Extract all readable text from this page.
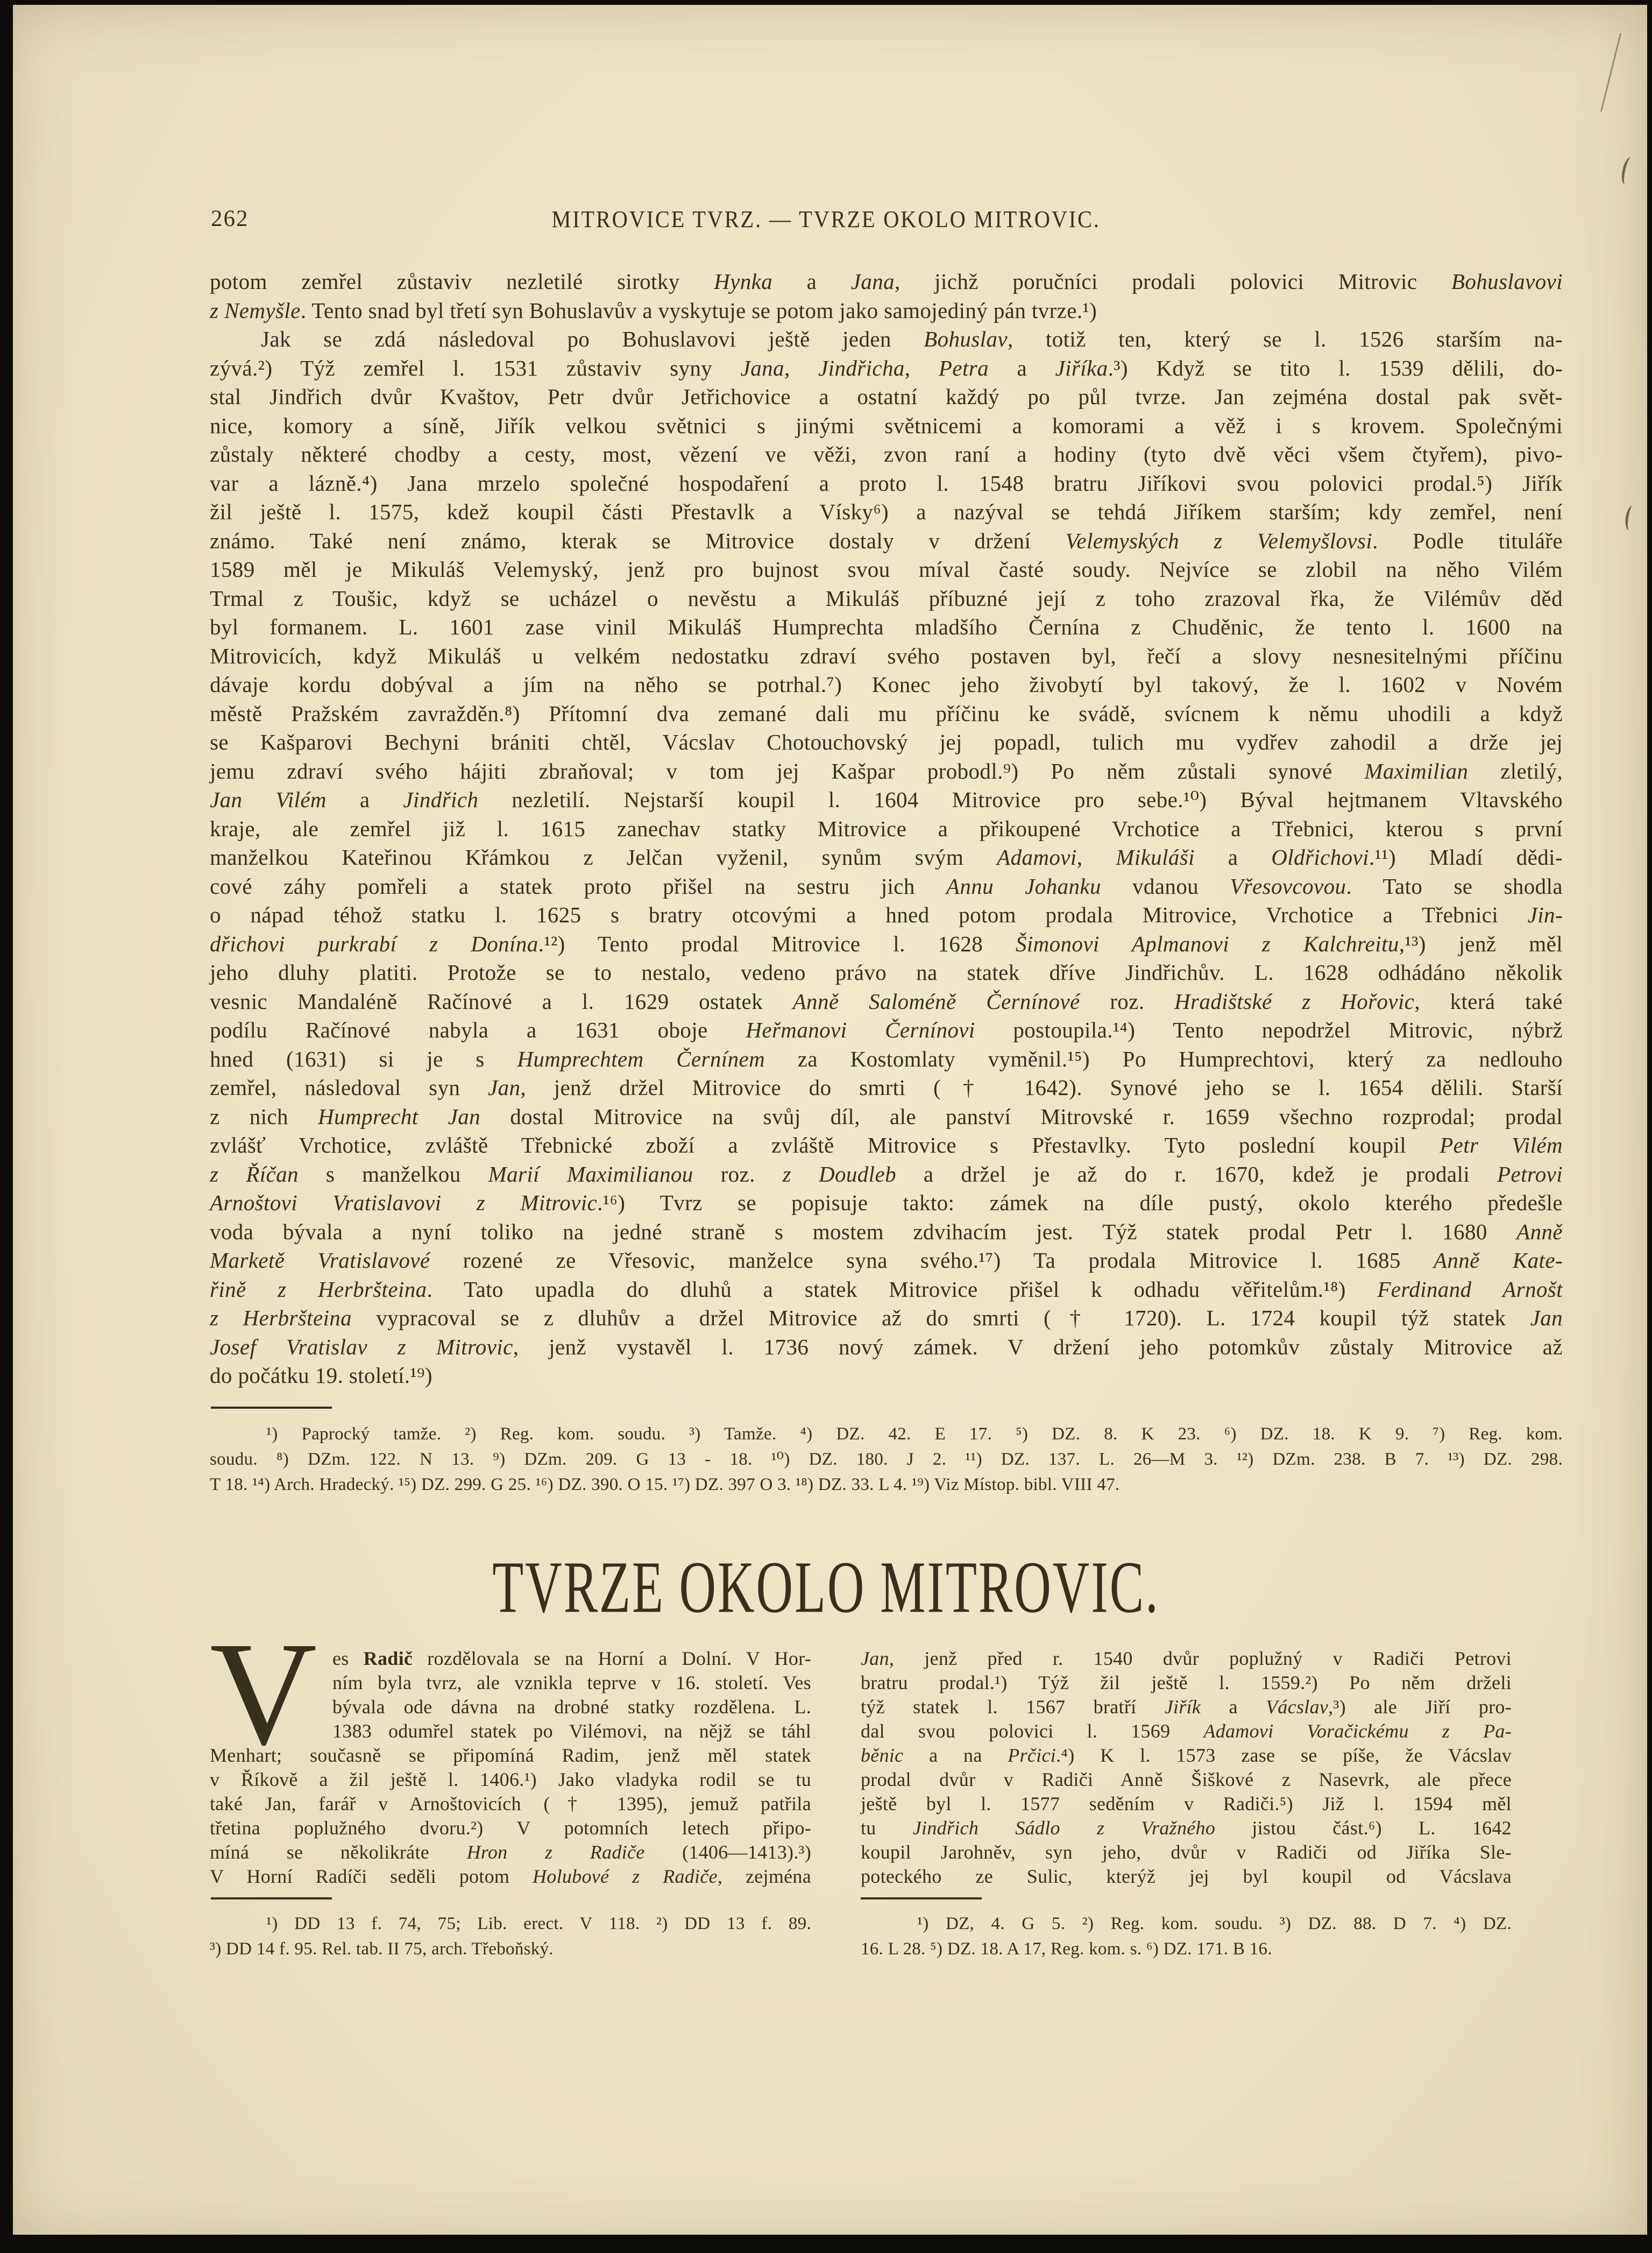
262	MITROVICE TVRZ. — TVRZE OKOLO MITROVIC.
potom zemřel zůstaviv nezletilé sirotky Hynka a Jana, jichž poručníci prodali polovici Mitrovic Bohuslavovi
z Nemyšle. Tento snad byl třetí syn Bohuslavův a vyskytuje se potom jako samojediný pán tvrze.¹)
Jak se zdá následoval po Bohuslavovi ještě jeden Bohuslav, totiž ten, který se l. 1526 starším na-
zývá.²) Týž zemřel l. 1531 zůstaviv syny Jana, Jindřicha, Petra a Jiříka.³) Když se tito l. 1539 dělili, do-
stal Jindřich dvůr Kvaštov, Petr dvůr Jetřichovice a ostatní každý po půl tvrze. Jan zejména dostal pak svět-
nice, komory a síně, Jiřík velkou světnici s jinými světnicemi a komorami a věž i s krovem. Společnými
zůstaly některé chodby a cesty, most, vězení ve věži, zvon raní a hodiny (tyto dvě věci všem čtyřem), pivo-
var a lázně.⁴) Jana mrzelo společné hospodaření a proto l. 1548 bratru Jiříkovi svou polovici prodal.⁵) Jiřík
žil ještě l. 1575, kdež koupil části Přestavlk a Vísky⁶) a nazýval se tehdá Jiříkem starším; kdy zemřel, není
známo. Také není známo, kterak se Mitrovice dostaly v držení Velemyských z Velemyšlovsi. Podle tituláře
1589 měl je Mikuláš Velemyský, jenž pro bujnost svou míval časté soudy. Nejvíce se zlobil na něho Vilém
Trmal z Toušic, když se ucházel o nevěstu a Mikuláš příbuzné její z toho zrazoval řka, že Vilémův děd
byl formanem. L. 1601 zase vinil Mikuláš Humprechta mladšího Černína z Chuděnic, že tento l. 1600 na
Mitrovicích, když Mikuláš u velkém nedostatku zdraví svého postaven byl, řečí a slovy nesnesitelnými příčinu
dávaje kordu dobýval a jím na něho se potrhal.⁷) Konec jeho živobytí byl takový, že l. 1602 v Novém
městě Pražském zavražděn.⁸) Přítomní dva zemané dali mu příčinu ke svádě, svícnem k němu uhodili a když
se Kašparovi Bechyni brániti chtěl, Vácslav Chotouchovský jej popadl, tulich mu vydřev zahodil a drže jej
jemu zdraví svého hájiti zbraňoval; v tom jej Kašpar probodl.⁹) Po něm zůstali synové Maximilian zletilý,
Jan Vilém a Jindřich nezletilí. Nejstarší koupil l. 1604 Mitrovice pro sebe.¹⁰) Býval hejtmanem Vltavského
kraje, ale zemřel již l. 1615 zanechav statky Mitrovice a přikoupené Vrchotice a Třebnici, kterou s první
manželkou Kateřinou Křámkou z Jelčan vyženil, synům svým Adamovi, Mikuláši a Oldřichovi.¹¹) Mladí dědi-
cové záhy pomřeli a statek proto přišel na sestru jich Annu Johanku vdanou Vřesovcovou. Tato se shodla
o nápad téhož statku l. 1625 s bratry otcovými a hned potom prodala Mitrovice, Vrchotice a Třebnici Jin-
dřichovi purkrabí z Donína.¹²) Tento prodal Mitrovice l. 1628 Šimonovi Aplmanovi z Kalchreitu,¹³) jenž měl
jeho dluhy platiti. Protože se to nestalo, vedeno právo na statek dříve Jindřichův. L. 1628 odhádáno několik
vesnic Mandaléně Račínové a l. 1629 ostatek Anně Saloméně Černínové roz. Hradištské z Hořovic, která také
podílu Račínové nabyla a 1631 oboje Heřmanovi Černínovi postoupila.¹⁴) Tento nepodržel Mitrovic, nýbrž
hned (1631) si je s Humprechtem Černínem za Kostomlaty vyměnil.¹⁵) Po Humprechtovi, který za nedlouho
zemřel, následoval syn Jan, jenž držel Mitrovice do smrti († 1642). Synové jeho se l. 1654 dělili. Starší
z nich Humprecht Jan dostal Mitrovice na svůj díl, ale panství Mitrovské r. 1659 všechno rozprodal; prodal
zvlášť Vrchotice, zvláště Třebnické zboží a zvláště Mitrovice s Přestavlky. Tyto poslední koupil Petr Vilém
z Říčan s manželkou Marií Maximilianou roz. z Doudleb a držel je až do r. 1670, kdež je prodali Petrovi
Arnoštovi Vratislavovi z Mitrovic.¹⁶) Tvrz se popisuje takto: zámek na díle pustý, okolo kterého předešle
voda bývala a nyní toliko na jedné straně s mostem zdvihacím jest. Týž statek prodal Petr l. 1680 Anně
Marketě Vratislavové rozené ze Vřesovic, manželce syna svého.¹⁷) Ta prodala Mitrovice l. 1685 Anně Kate-
řině z Herbršteina. Tato upadla do dluhů a statek Mitrovice přišel k odhadu věřitelům.¹⁸) Ferdinand Arnošt
z Herbršteina vypracoval se z dluhův a držel Mitrovice až do smrti († 1720). L. 1724 koupil týž statek Jan
Josef Vratislav z Mitrovic, jenž vystavěl l. 1736 nový zámek. V držení jeho potomkův zůstaly Mitrovice až
do počátku 19. století.¹⁹)
¹) Paprocký tamže. ²) Reg. kom. soudu. ³) Tamže. ⁴) DZ. 42. E 17. ⁵) DZ. 8. K 23. ⁶) DZ. 18. K 9. ⁷) Reg. kom.
soudu. ⁸) DZm. 122. N 13. ⁹) DZm. 209. G 13 - 18. ¹⁰) DZ. 180. J 2. ¹¹) DZ. 137. L. 26—M 3. ¹²) DZm. 238. B 7. ¹³) DZ. 298.
T 18. ¹⁴) Arch. Hradecký. ¹⁵) DZ. 299. G 25. ¹⁶) DZ. 390. O 15. ¹⁷) DZ. 397 O 3. ¹⁸) DZ. 33. L 4. ¹⁹) Viz Místop. bibl. VIII 47.
TVRZE OKOLO MITROVIC.
V es Radič rozdělovala se na Horní a Dolní. V Hor-
ním byla tvrz, ale vznikla teprve v 16. století. Ves
bývala ode dávna na drobné statky rozdělena. L.
1383 odumřel statek po Vilémovi, na nějž se táhl
Menhart; současně se připomíná Radim, jenž měl statek
v Říkově a žil ještě l. 1406.¹) Jako vladyka rodil se tu
také Jan, farář v Arnoštovicích († 1395), jemuž patřila
třetina poplužného dvoru.²) V potomních letech připo-
míná se několikráte Hron z Radiče (1406—1413).³)
V Horní Radíči seděli potom Holubové z Radiče, zejména
Jan, jenž před r. 1540 dvůr poplužný v Radiči Petrovi
bratru prodal.¹) Týž žil ještě l. 1559.²) Po něm drželi
týž statek l. 1567 bratří Jiřík a Vácslav,³) ale Jiří pro-
dal svou polovici l. 1569 Adamovi Voračickému z Pa-
běnic a na Prčici.⁴) K l. 1573 zase se píše, že Vácslav
prodal dvůr v Radiči Anně Šiškové z Nasevrk, ale přece
ještě byl l. 1577 seděním v Radiči.⁵) Již l. 1594 měl
tu Jindřich Sádlo z Vražného jistou část.⁶) L. 1642
koupil Jarohněv, syn jeho, dvůr v Radiči od Jiříka Sle-
poteckého ze Sulic, kterýž jej byl koupil od Vácslava
¹) DD 13 f. 74, 75; Lib. erect. V 118. ²) DD 13 f. 89.
³) DD 14 f. 95. Rel. tab. II 75, arch. Třeboňský.
¹) DZ, 4. G 5. ²) Reg. kom. soudu. ³) DZ. 88. D 7. ⁴) DZ.
16. L 28. ⁵) DZ. 18. A 17, Reg. kom. s. ⁶) DZ. 171. B 16.
